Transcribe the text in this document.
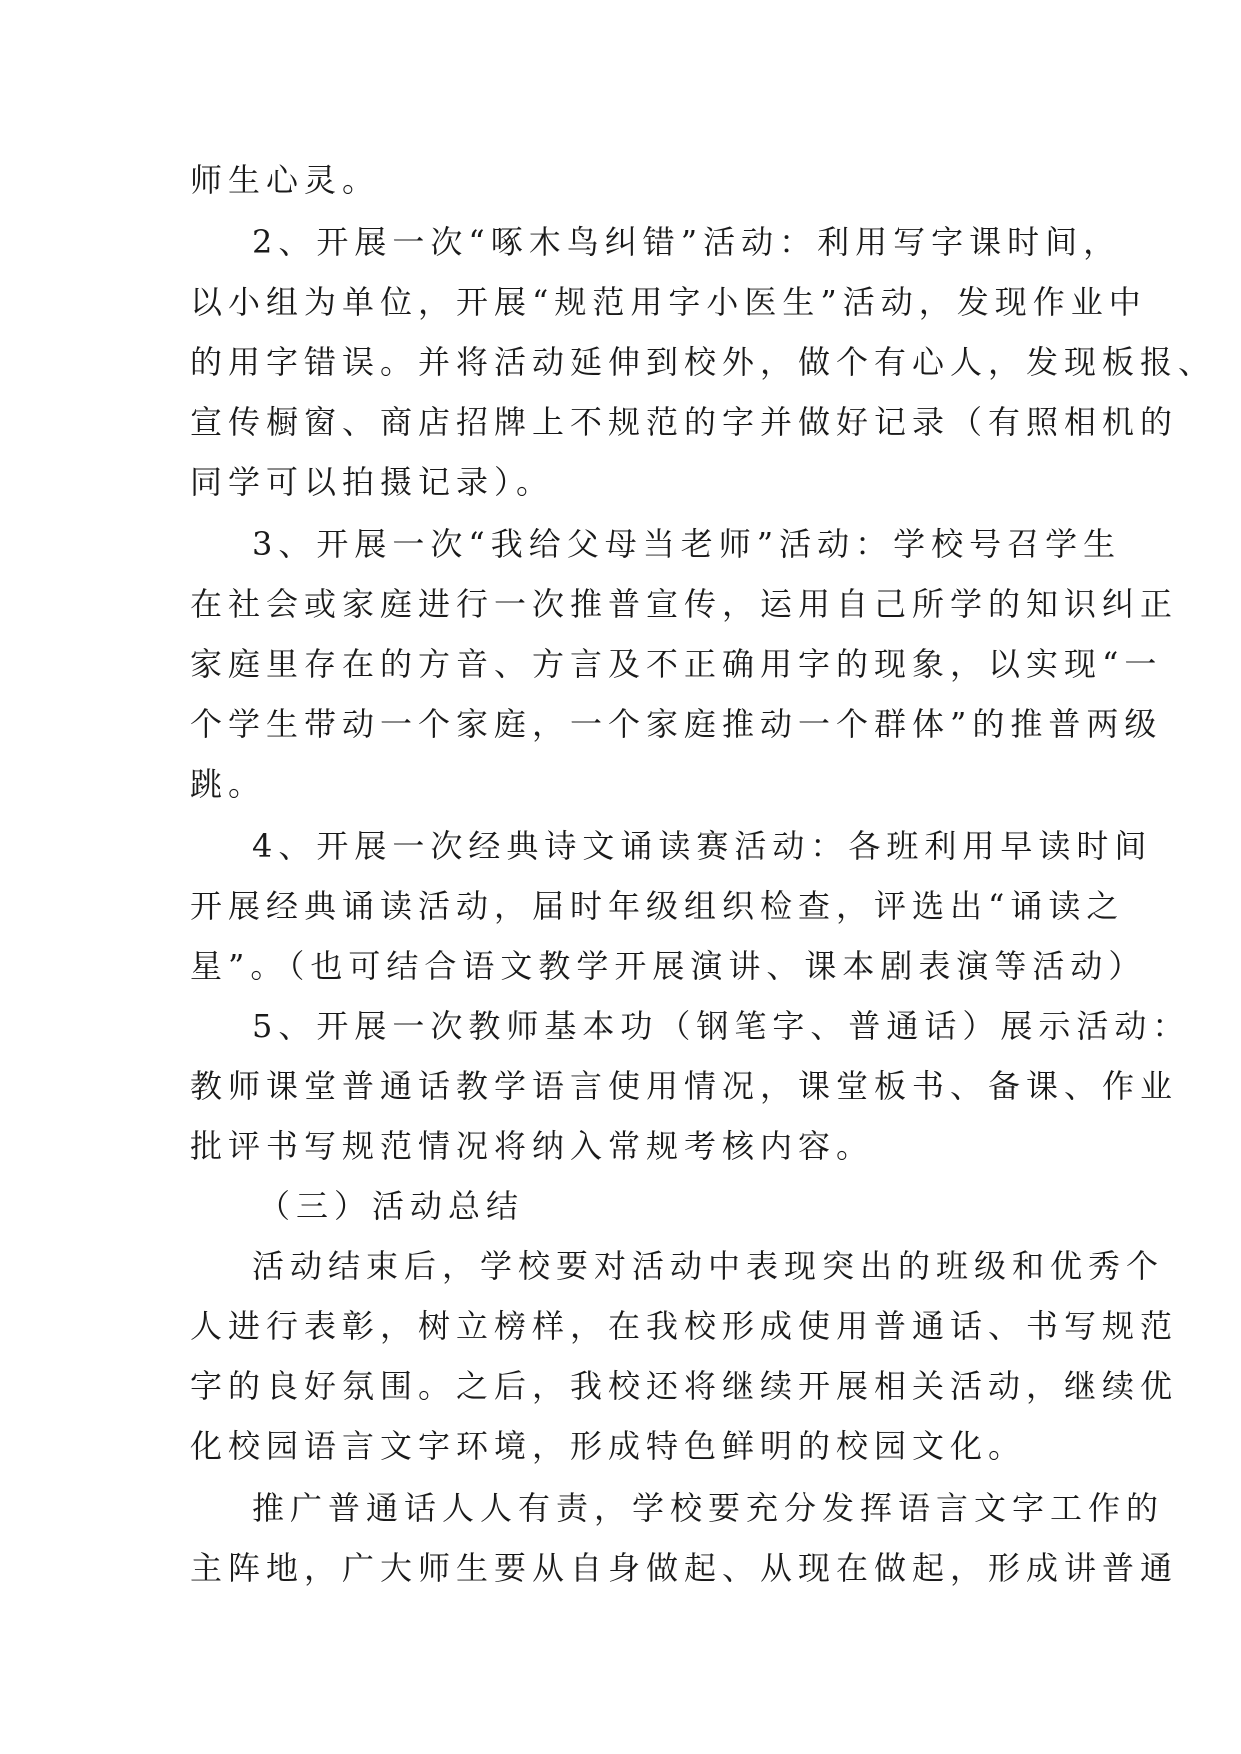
师生心灵。
2、开展一次“啄木鸟纠错”活动：利用写字课时间，
以小组为单位，开展“规范用字小医生”活动，发现作业中
的用字错误。并将活动延伸到校外，做个有心人，发现板报、
宣传橱窗、商店招牌上不规范的字并做好记录（有照相机的
同学可以拍摄记录）。
3、开展一次“我给父母当老师”活动：学校号召学生
在社会或家庭进行一次推普宣传，运用自己所学的知识纠正
家庭里存在的方音、方言及不正确用字的现象，以实现“一
个学生带动一个家庭，一个家庭推动一个群体”的推普两级
跳。
4、开展一次经典诗文诵读赛活动：各班利用早读时间
开展经典诵读活动，届时年级组织检查，评选出“诵读之
星”。（也可结合语文教学开展演讲、课本剧表演等活动）
5、开展一次教师基本功（钢笔字、普通话）展示活动：
教师课堂普通话教学语言使用情况，课堂板书、备课、作业
批评书写规范情况将纳入常规考核内容。
（三）活动总结
活动结束后，学校要对活动中表现突出的班级和优秀个
人进行表彰，树立榜样，在我校形成使用普通话、书写规范
字的良好氛围。之后，我校还将继续开展相关活动，继续优
化校园语言文字环境，形成特色鲜明的校园文化。
推广普通话人人有责，学校要充分发挥语言文字工作的
主阵地，广大师生要从自身做起、从现在做起，形成讲普通
